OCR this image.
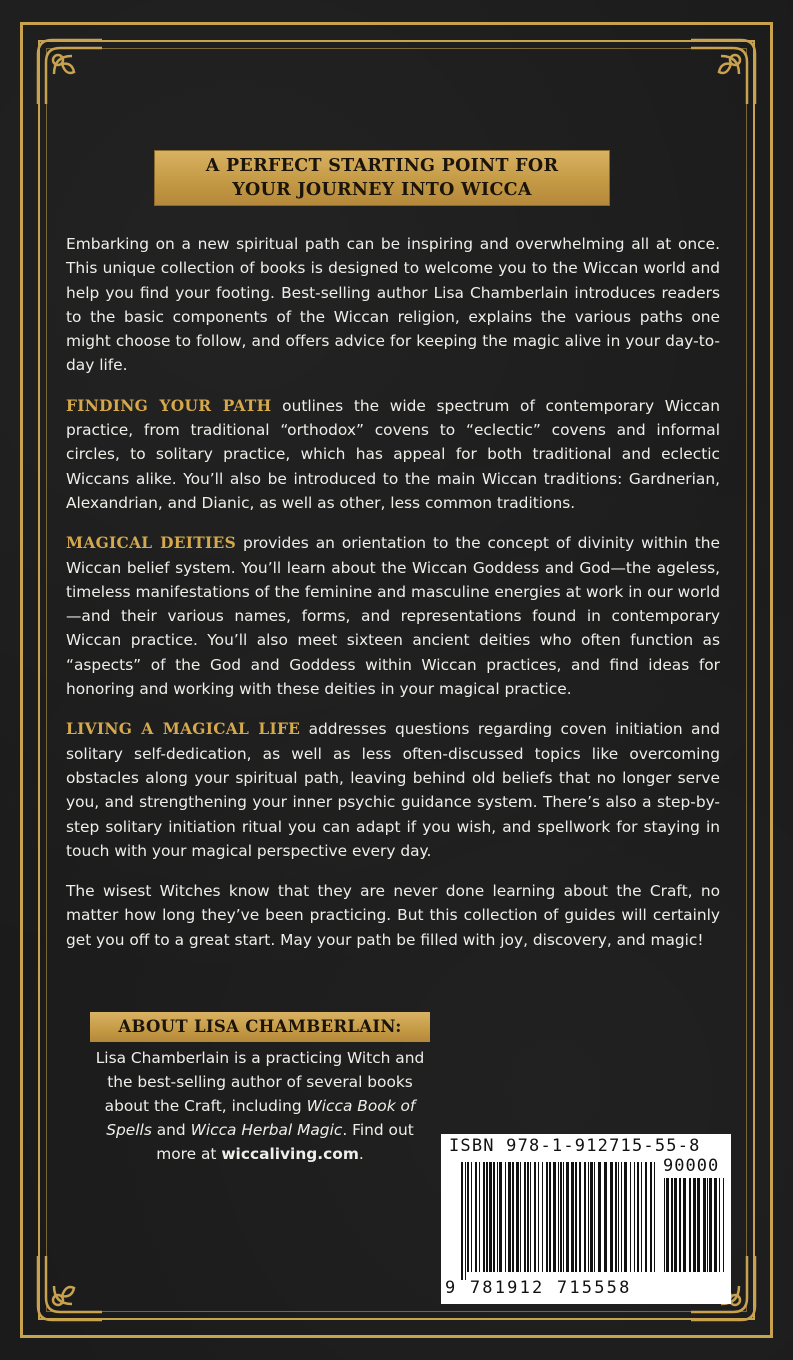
A PERFECT STARTING POINT FOR
YOUR JOURNEY INTO WICCA

Embarking on a new spiritual path can be inspiring and overwhelming all at once. This unique collection of books is designed to welcome you to the Wiccan world and help you find your footing. Best-selling author Lisa Chamberlain introduces readers to the basic components of the Wiccan religion, explains the various paths one might choose to follow, and offers advice for keeping the magic alive in your day-to-day life.

FINDING YOUR PATH outlines the wide spectrum of contemporary Wiccan practice, from traditional “orthodox” covens to “eclectic” covens and informal circles, to solitary practice, which has appeal for both traditional and eclectic Wiccans alike. You’ll also be introduced to the main Wiccan traditions: Gardnerian, Alexandrian, and Dianic, as well as other, less common traditions.

MAGICAL DEITIES provides an orientation to the concept of divinity within the Wiccan belief system. You’ll learn about the Wiccan Goddess and God—the ageless, timeless manifestations of the feminine and masculine energies at work in our world—and their various names, forms, and representations found in contemporary Wiccan practice. You’ll also meet sixteen ancient deities who often function as “aspects” of the God and Goddess within Wiccan practices, and find ideas for honoring and working with these deities in your magical practice.

LIVING A MAGICAL LIFE addresses questions regarding coven initiation and solitary self-dedication, as well as less often-discussed topics like overcoming obstacles along your spiritual path, leaving behind old beliefs that no longer serve you, and strengthening your inner psychic guidance system. There’s also a step-by-step solitary initiation ritual you can adapt if you wish, and spellwork for staying in touch with your magical perspective every day.

The wisest Witches know that they are never done learning about the Craft, no matter how long they’ve been practicing. But this collection of guides will certainly get you off to a great start. May your path be filled with joy, discovery, and magic!

ABOUT LISA CHAMBERLAIN:
Lisa Chamberlain is a practicing Witch and the best-selling author of several books about the Craft, including Wicca Book of Spells and Wicca Herbal Magic. Find out more at wiccaliving.com.	ISBN 978-1-912715-55-8
90000
9 781912 715558
